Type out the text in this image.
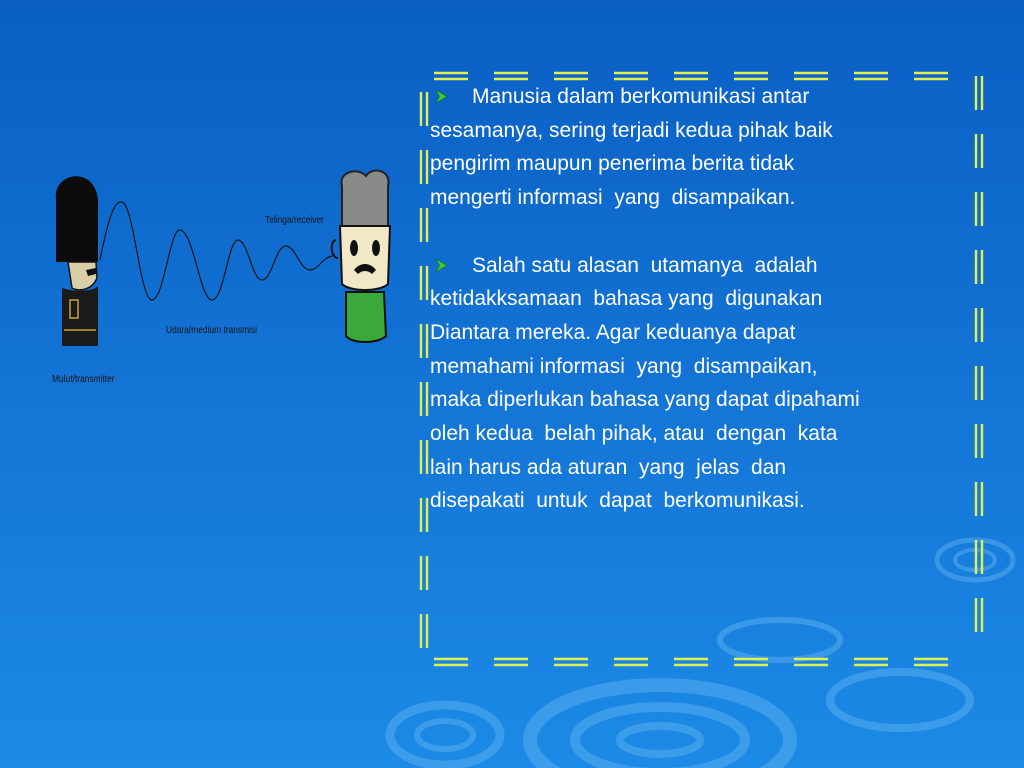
Telinga/receiver
Udara/medium transmisi
Mulut/transmitter
Manusia dalam berkomunikasi antar
sesamanya, sering terjadi kedua pihak baik
pengirim maupun penerima berita tidak
mengerti informasi  yang  disampaikan.
Salah satu alasan  utamanya  adalah
ketidakksamaan  bahasa yang  digunakan
Diantara mereka. Agar keduanya dapat
memahami informasi  yang  disampaikan,
maka diperlukan bahasa yang dapat dipahami
oleh kedua  belah pihak, atau  dengan  kata
lain harus ada aturan  yang  jelas  dan
disepakati  untuk  dapat  berkomunikasi.
